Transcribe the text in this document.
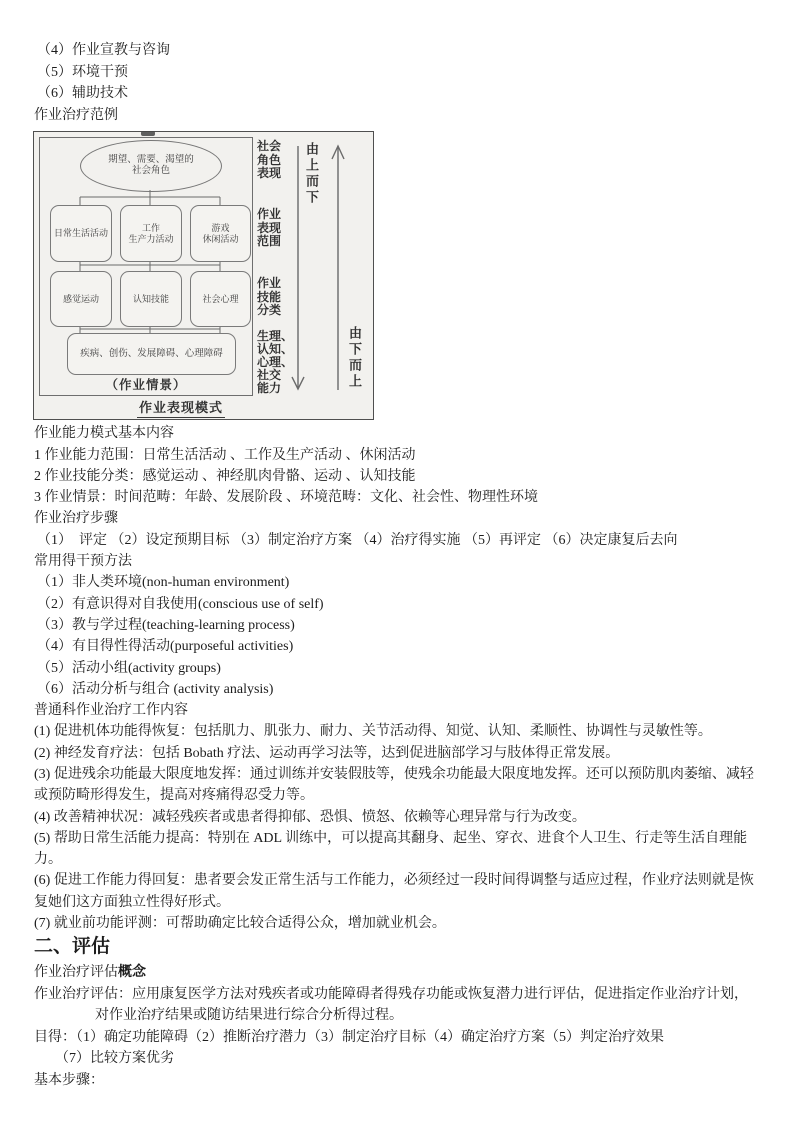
（4）作业宣教与咨询
（5）环境干预
（6）辅助技术
作业治疗范例
期望、需要、渴望的
社会角色
日常生活活动
工作
生产力活动
游戏
休闲活动
感觉运动	认知技能	社会心理
疾病、创伤、发展障碍、心理障碍
（作业情景）
社会
角色
表现
作业
表现
范围
作业
技能
分类
生理、
认知、
心理、
社交
能力
由上而下
由下而上
作业表现模式
作业能力模式基本内容
1 作业能力范围：日常生活活动 、工作及生产活动 、休闲活动
2 作业技能分类：感觉运动 、神经肌肉骨骼、运动 、认知技能
3 作业情景：时间范畴：年龄、发展阶段 、环境范畴：文化、社会性、物理性环境
作业治疗步骤
（1）  评定 （2）设定预期目标 （3）制定治疗方案 （4）治疗得实施 （5）再评定 （6）决定康复后去向
常用得干预方法
（1）非人类环境(non-human environment)
（2）有意识得对自我使用(conscious use of self)
（3）教与学过程(teaching-learning process)
（4）有目得性得活动(purposeful activities)
（5）活动小组(activity groups)
（6）活动分析与组合 (activity analysis)
普通科作业治疗工作内容
(1) 促进机体功能得恢复：包括肌力、肌张力、耐力、关节活动得、知觉、认知、柔顺性、协调性与灵敏性等。
(2) 神经发育疗法：包括 Bobath 疗法、运动再学习法等，达到促进脑部学习与肢体得正常发展。
(3) 促进残余功能最大限度地发挥：通过训练并安装假肢等，使残余功能最大限度地发挥。还可以预防肌肉萎缩、减轻
或预防畸形得发生，提高对疼痛得忍受力等。
(4) 改善精神状况：减轻残疾者或患者得抑郁、恐惧、愤怒、依赖等心理异常与行为改变。
(5) 帮助日常生活能力提高：特别在 ADL 训练中，可以提高其翻身、起坐、穿衣、进食个人卫生、行走等生活自理能
力。
(6) 促进工作能力得回复：患者要会发正常生活与工作能力，必须经过一段时间得调整与适应过程，作业疗法则就是恢
复她们这方面独立性得好形式。
(7) 就业前功能评测：可帮助确定比较合适得公众，增加就业机会。
二、评估
作业治疗评估概念
作业治疗评估：应用康复医学方法对残疾者或功能障碍者得残存功能或恢复潜力进行评估，促进指定作业治疗计划，
对作业治疗结果或随访结果进行综合分析得过程。
目得：（1）确定功能障碍（2）推断治疗潜力（3）制定治疗目标（4）确定治疗方案（5）判定治疗效果
（7）比较方案优劣
基本步骤：
